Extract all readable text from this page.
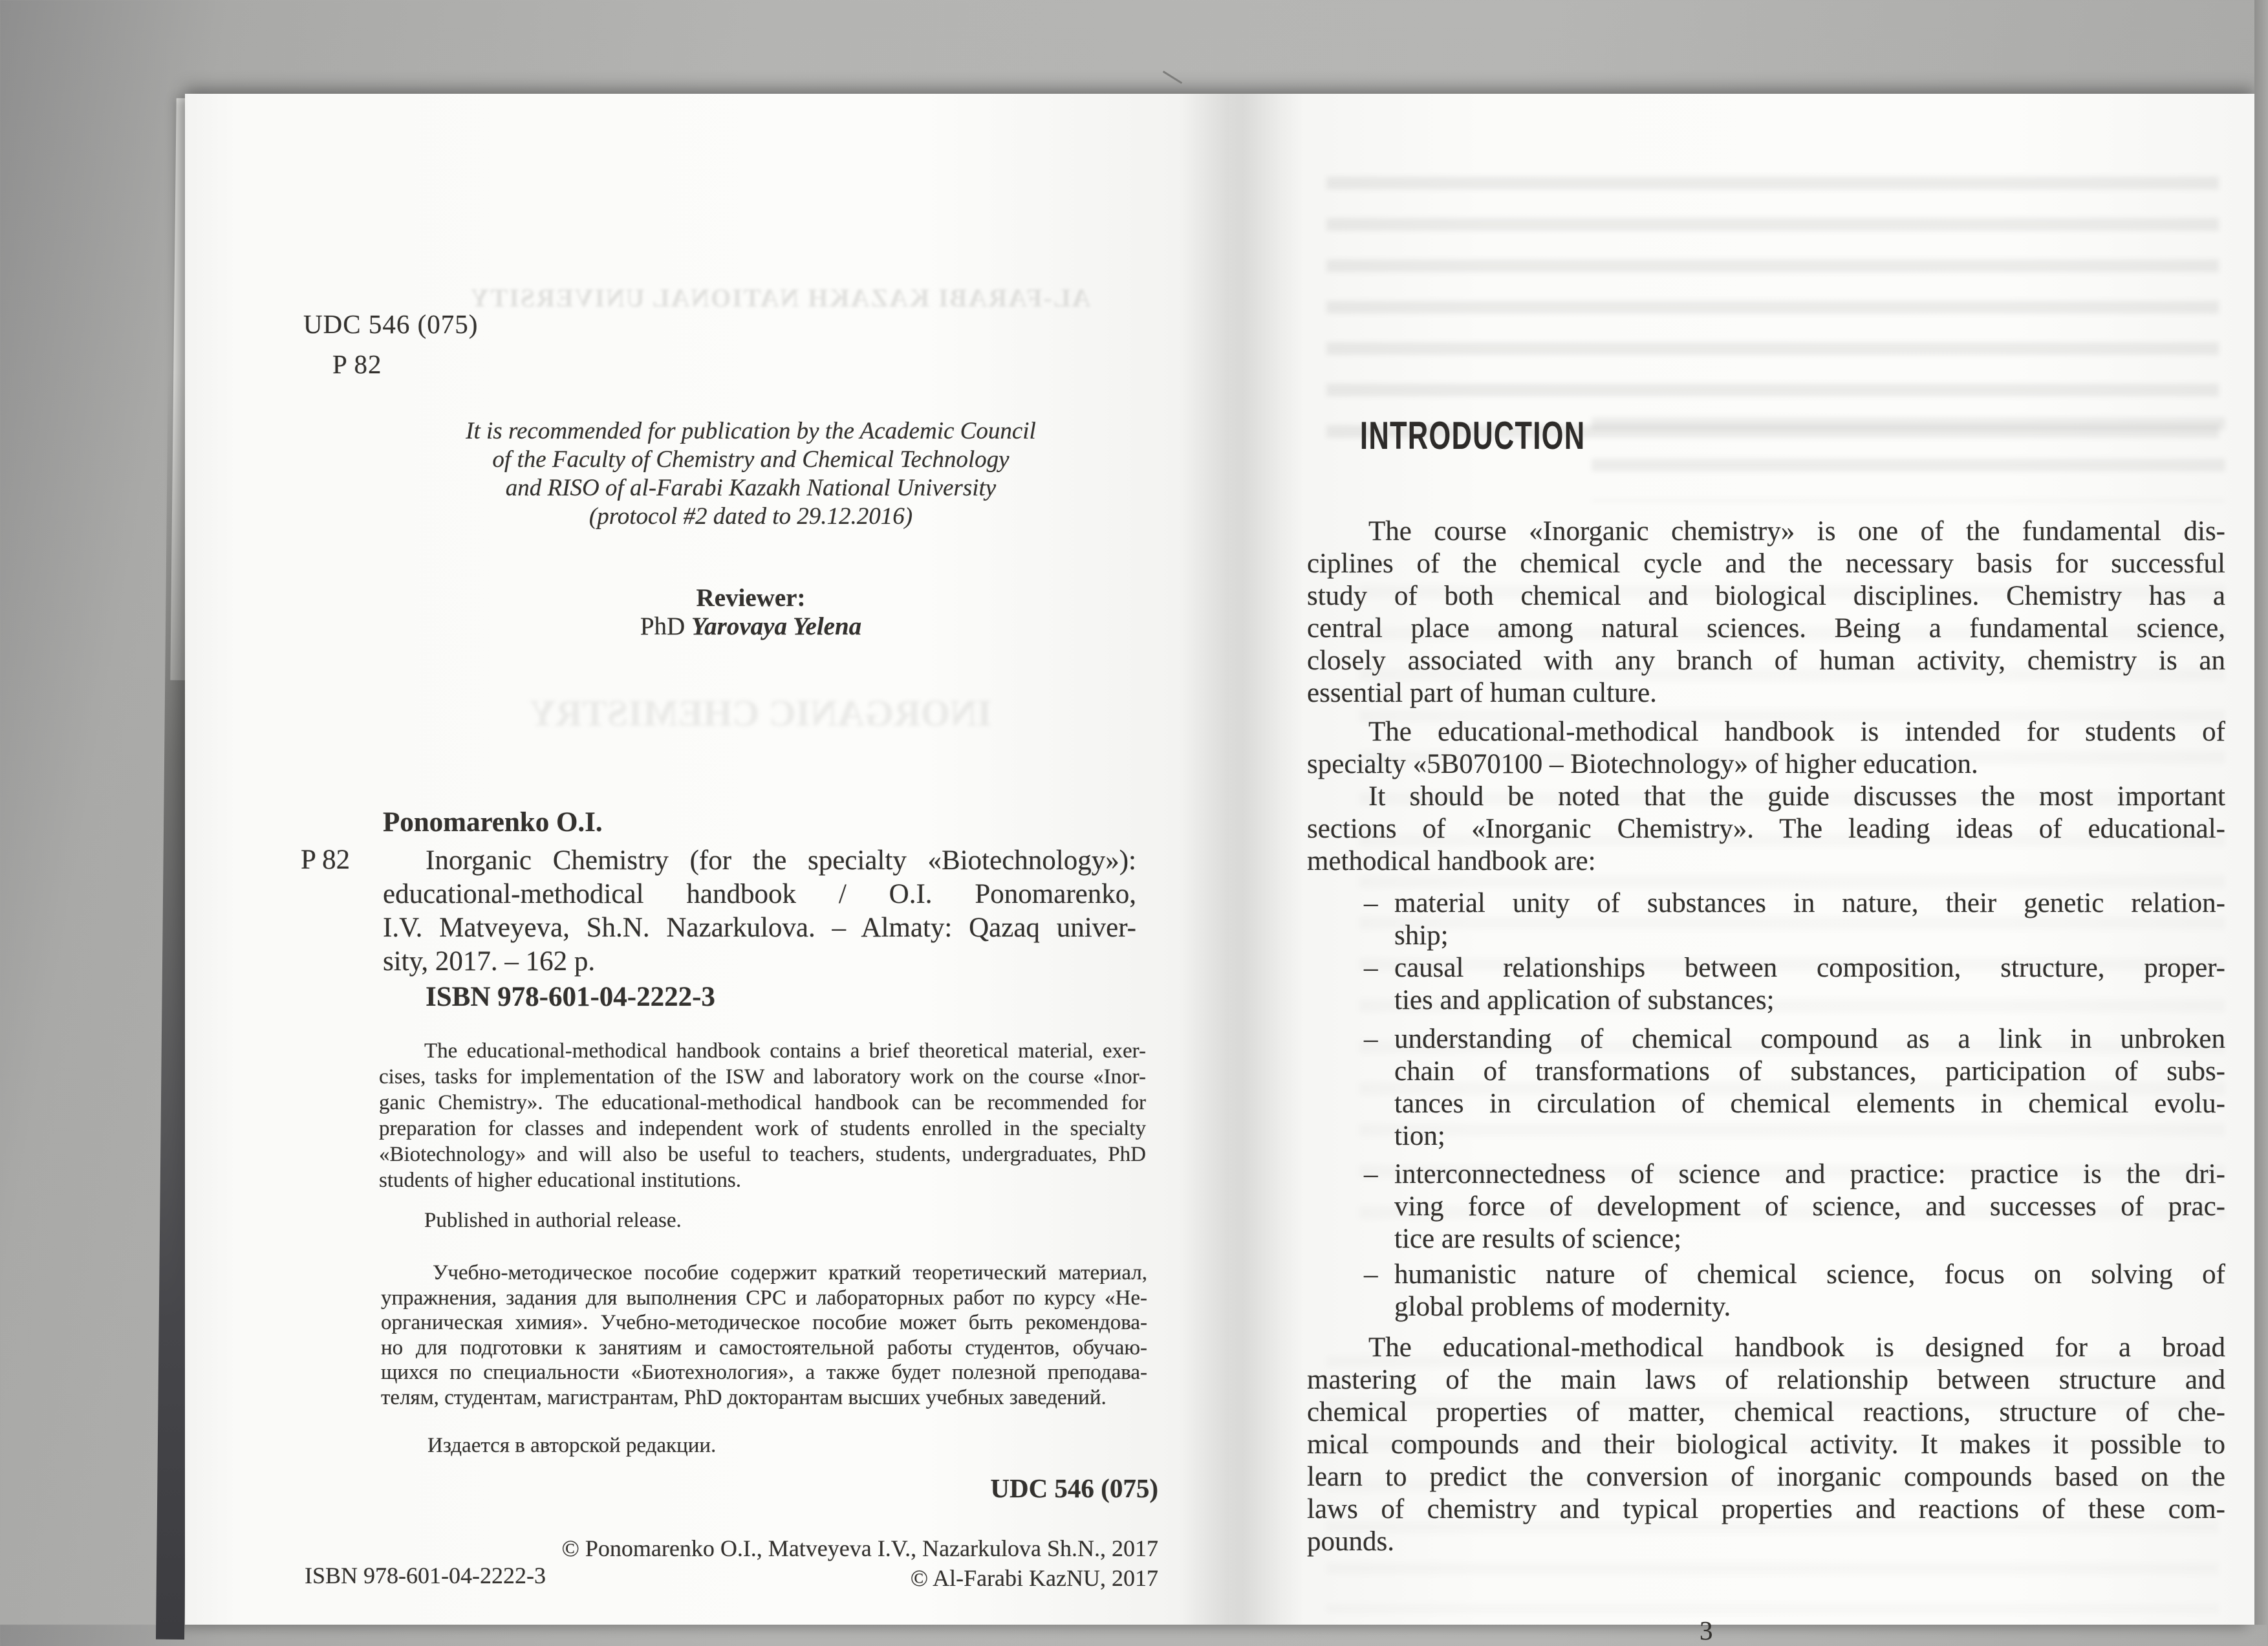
AL-FARABI KAZAKH NATIONAL UNIVERSITY
INORGANIC CHEMISTRY
UDC 546 (075)
P 82
It is recommended for publication by the Academic Council
of the Faculty of Chemistry and Chemical Technology
and RISO of al-Farabi Kazakh National University
(protocol #2 dated to 29.12.2016)
Reviewer:
PhD Yarovaya Yelena
Ponomarenko O.I.
P 82	Inorganic Chemistry (for the specialty «Biotechnology»):
educational-methodical handbook / O.I. Ponomarenko,
I.V. Matveyeva, Sh.N. Nazarkulova. – Almaty: Qazaq univer-
sity, 2017. – 162 p.
ISBN 978-601-04-2222-3
The educational-methodical handbook contains a brief theoretical material, exer-
cises, tasks for implementation of the ISW and laboratory work on the course «Inor-
ganic Chemistry». The educational-methodical handbook can be recommended for
preparation for classes and independent work of students enrolled in the specialty
«Biotechnology» and will also be useful to teachers, students, undergraduates, PhD
students of higher educational institutions.
Published in authorial release.
Учебно-методическое пособие содержит краткий теоретический материал,
упражнения, задания для выполнения СРС и лабораторных работ по курсу «Не-
органическая химия». Учебно-методическое пособие может быть рекомендова-
но для подготовки к занятиям и самостоятельной работы студентов, обучаю-
щихся по специальности «Биотехнология», а также будет полезной преподава-
телям, студентам, магистрантам, PhD докторантам высших учебных заведений.
Издается в авторской редакции.
UDC 546 (075)
© Ponomarenko O.I., Matveyeva I.V., Nazarkulova Sh.N., 2017
© Al-Farabi KazNU, 2017
ISBN 978-601-04-2222-3
INTRODUCTION
The course «Inorganic chemistry» is one of the fundamental dis-
ciplines of the chemical cycle and the necessary basis for successful
study of both chemical and biological disciplines. Chemistry has a
central place among natural sciences. Being a fundamental science,
closely associated with any branch of human activity, chemistry is an
essential part of human culture.
The educational-methodical handbook is intended for students of
specialty «5B070100 – Biotechnology» of higher education.
It should be noted that the guide discusses the most important
sections of «Inorganic Chemistry». The leading ideas of educational-
methodical handbook are:
– material unity of substances in nature, their genetic relation-
ship;
– causal relationships between composition, structure, proper-
ties and application of substances;
– understanding of chemical compound as a link in unbroken
chain of transformations of substances, participation of subs-
tances in circulation of chemical elements in chemical evolu-
tion;
– interconnectedness of science and practice: practice is the dri-
ving force of development of science, and successes of prac-
tice are results of science;
– humanistic nature of chemical science, focus on solving of
global problems of modernity.
The educational-methodical handbook is designed for a broad
mastering of the main laws of relationship between structure and
chemical properties of matter, chemical reactions, structure of che-
mical compounds and their biological activity. It makes it possible to
learn to predict the conversion of inorganic compounds based on the
laws of chemistry and typical properties and reactions of these com-
pounds.
3
